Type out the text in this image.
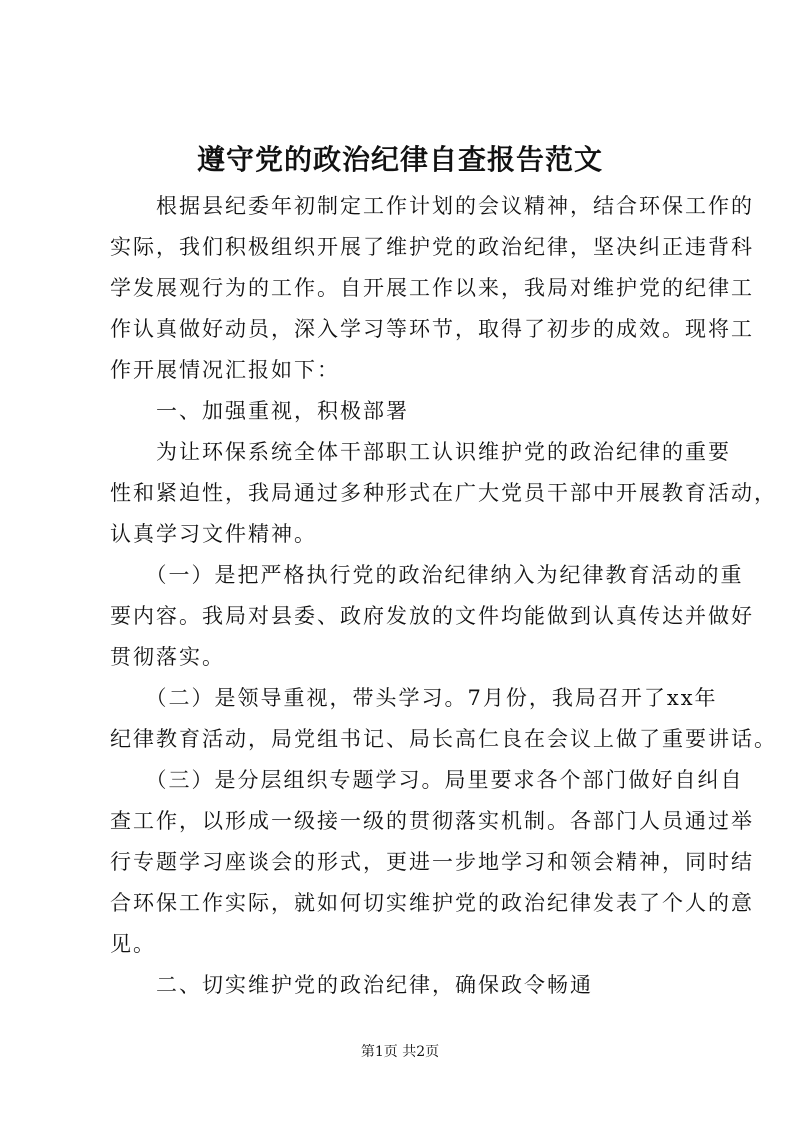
遵守党的政治纪律自查报告范文
　　根据县纪委年初制定工作计划的会议精神，结合环保工作的
实际，我们积极组织开展了维护党的政治纪律，坚决纠正违背科
学发展观行为的工作。自开展工作以来，我局对维护党的纪律工
作认真做好动员，深入学习等环节，取得了初步的成效。现将工
作开展情况汇报如下：
　　一、加强重视，积极部署
　　为让环保系统全体干部职工认识维护党的政治纪律的重要
性和紧迫性，我局通过多种形式在广大党员干部中开展教育活动，
认真学习文件精神。
　　（一）是把严格执行党的政治纪律纳入为纪律教育活动的重
要内容。我局对县委、政府发放的文件均能做到认真传达并做好
贯彻落实。
　　（二）是领导重视，带头学习。7月份，我局召开了xx年
纪律教育活动，局党组书记、局长高仁良在会议上做了重要讲话。
　　（三）是分层组织专题学习。局里要求各个部门做好自纠自
查工作，以形成一级接一级的贯彻落实机制。各部门人员通过举
行专题学习座谈会的形式，更进一步地学习和领会精神，同时结
合环保工作实际，就如何切实维护党的政治纪律发表了个人的意
见。
　　二、切实维护党的政治纪律，确保政令畅通
第1页 共2页
